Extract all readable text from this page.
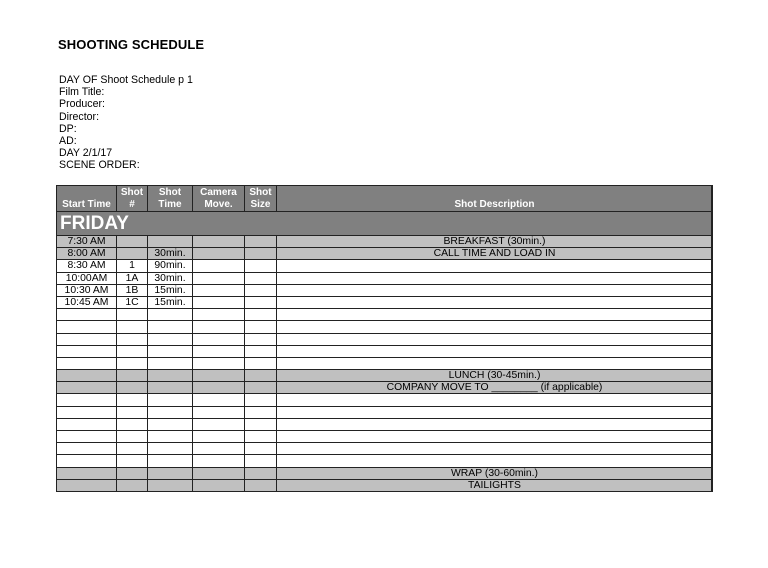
SHOOTING SCHEDULE
DAY OF Shoot Schedule p 1
Film Title:
Producer:
Director:
DP:
AD:
DAY 2/1/17
SCENE ORDER:
Start Time	Shot #	Shot Time	Camera Move.	Shot Size	Shot Description
FRIDAY					
7:30 AM					BREAKFAST (30min.)
8:00 AM		30min.			CALL TIME AND LOAD IN
8:30 AM	1	90min.			
10:00AM	1A	30min.			
10:30 AM	1B	15min.			
10:45 AM	1C	15min.			

					LUNCH (30-45min.)
					COMPANY MOVE TO ________ (if applicable)

					WRAP (30-60min.)
					TAILIGHTS
